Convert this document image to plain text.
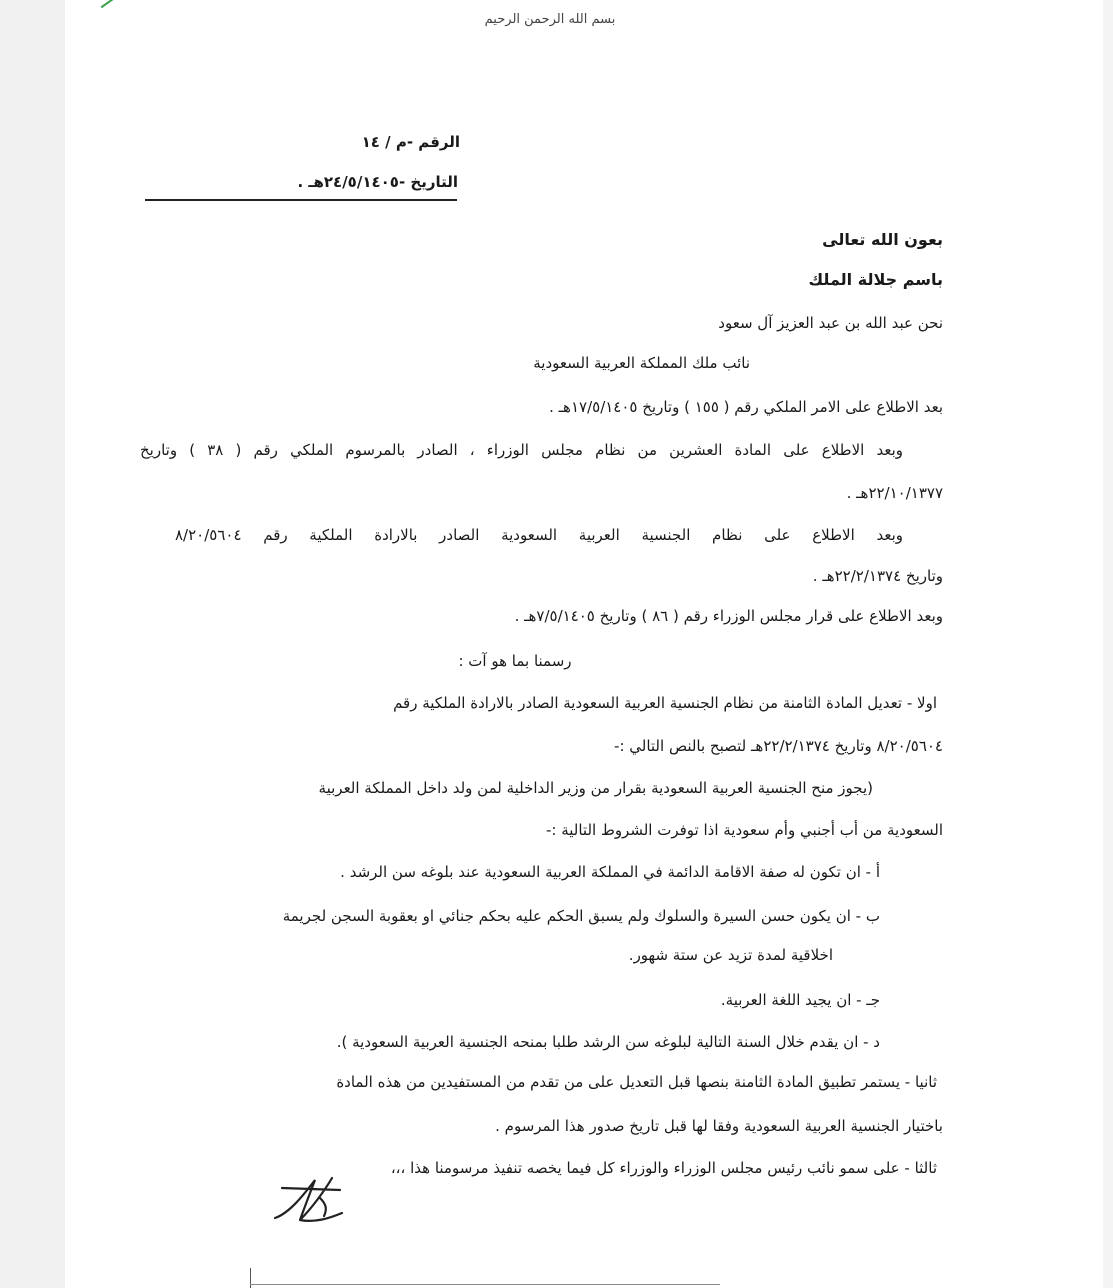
بسم الله الرحمن الرحيم
الرقم -م / ١٤
التاريخ -٢٤/٥/١٤٠٥هـ .
بعون الله تعالى
باسم جلالة الملك
نحن عبد الله بن عبد العزيز آل سعود
نائب ملك المملكة العربية السعودية
بعد الاطلاع على الامر الملكي رقم ( ١٥٥ ) وتاريخ ١٧/٥/١٤٠٥هـ .
وبعد الاطلاع على المادة العشرين من نظام مجلس الوزراء ، الصادر بالمرسوم الملكي رقم ( ٣٨ ) وتاريخ
٢٢/١٠/١٣٧٧هـ .
وبعد الاطلاع على نظام الجنسية العربية السعودية الصادر بالارادة الملكية رقم ٨/٢٠/٥٦٠٤
وتاريخ ٢٢/٢/١٣٧٤هـ .
وبعد الاطلاع على قرار مجلس الوزراء رقم ( ٨٦ ) وتاريخ ٧/٥/١٤٠٥هـ .
رسمنا بما هو آت :
اولا - تعديل المادة الثامنة من نظام الجنسية العربية السعودية الصادر بالارادة الملكية رقم
٨/٢٠/٥٦٠٤ وتاريخ ٢٢/٢/١٣٧٤هـ لتصبح بالنص التالي :-
(يجوز منح الجنسية العربية السعودية بقرار من وزير الداخلية لمن ولد داخل المملكة العربية
السعودية من أب أجنبي وأم سعودية اذا توفرت الشروط التالية :-
أ - ان تكون له صفة الاقامة الدائمة في المملكة العربية السعودية عند بلوغه سن الرشد .
ب - ان يكون حسن السيرة والسلوك ولم يسبق الحكم عليه بحكم جنائي او بعقوبة السجن لجريمة
اخلاقية لمدة تزيد عن ستة شهور.
جـ - ان يجيد اللغة العربية.
د - ان يقدم خلال السنة التالية لبلوغه سن الرشد طلبا بمنحه الجنسية العربية السعودية ).
ثانيا - يستمر تطبيق المادة الثامنة بنصها قبل التعديل على من تقدم من المستفيدين من هذه المادة
باختيار الجنسية العربية السعودية وفقا لها قبل تاريخ صدور هذا المرسوم .
ثالثا - على سمو نائب رئيس مجلس الوزراء والوزراء كل فيما يخصه تنفيذ مرسومنا هذا ،،،
